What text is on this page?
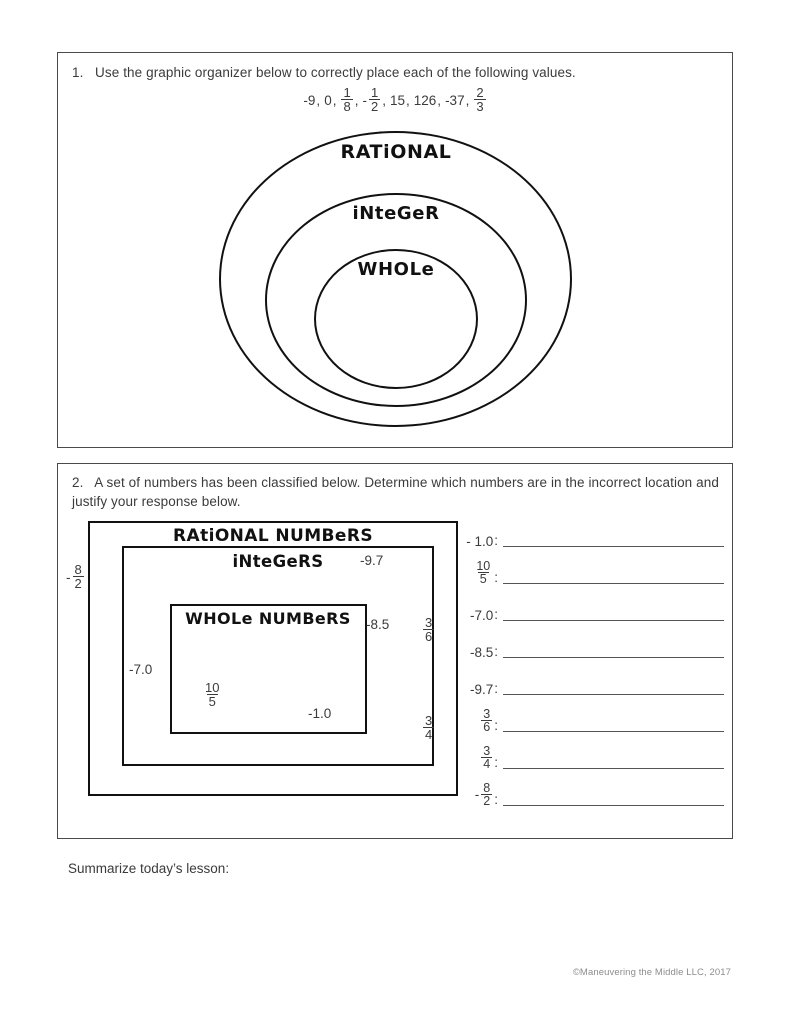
1. Use the graphic organizer below to correctly place each of the following values.
-9 , 0 , $\frac{1}{8}$ , - $\frac{1}{2}$ , 15 , 126 , -37 , $\frac{2}{3}$
RATiONAL
iNteGeR
WHOLe
2. A set of numbers has been classified below. Determine which numbers are in the incorrect location and justify your response below.
RAtiONAL NUMBeRS
iNteGeRS
WHOLe NUMBeRS
-9.7
-8.5
-7.0
-1.0
- $\frac{8}{2}$
$\frac{3}{6}$
$\frac{3}{4}$
$\frac{10}{5}$
- 1.0 :
$\frac{10}{5}$ :
-7.0 :
-8.5 :
-9.7 :
$\frac{3}{6}$ :
$\frac{3}{4}$ :
- $\frac{8}{2}$ :
Summarize today’s lesson:
©Maneuvering the Middle LLC, 2017
